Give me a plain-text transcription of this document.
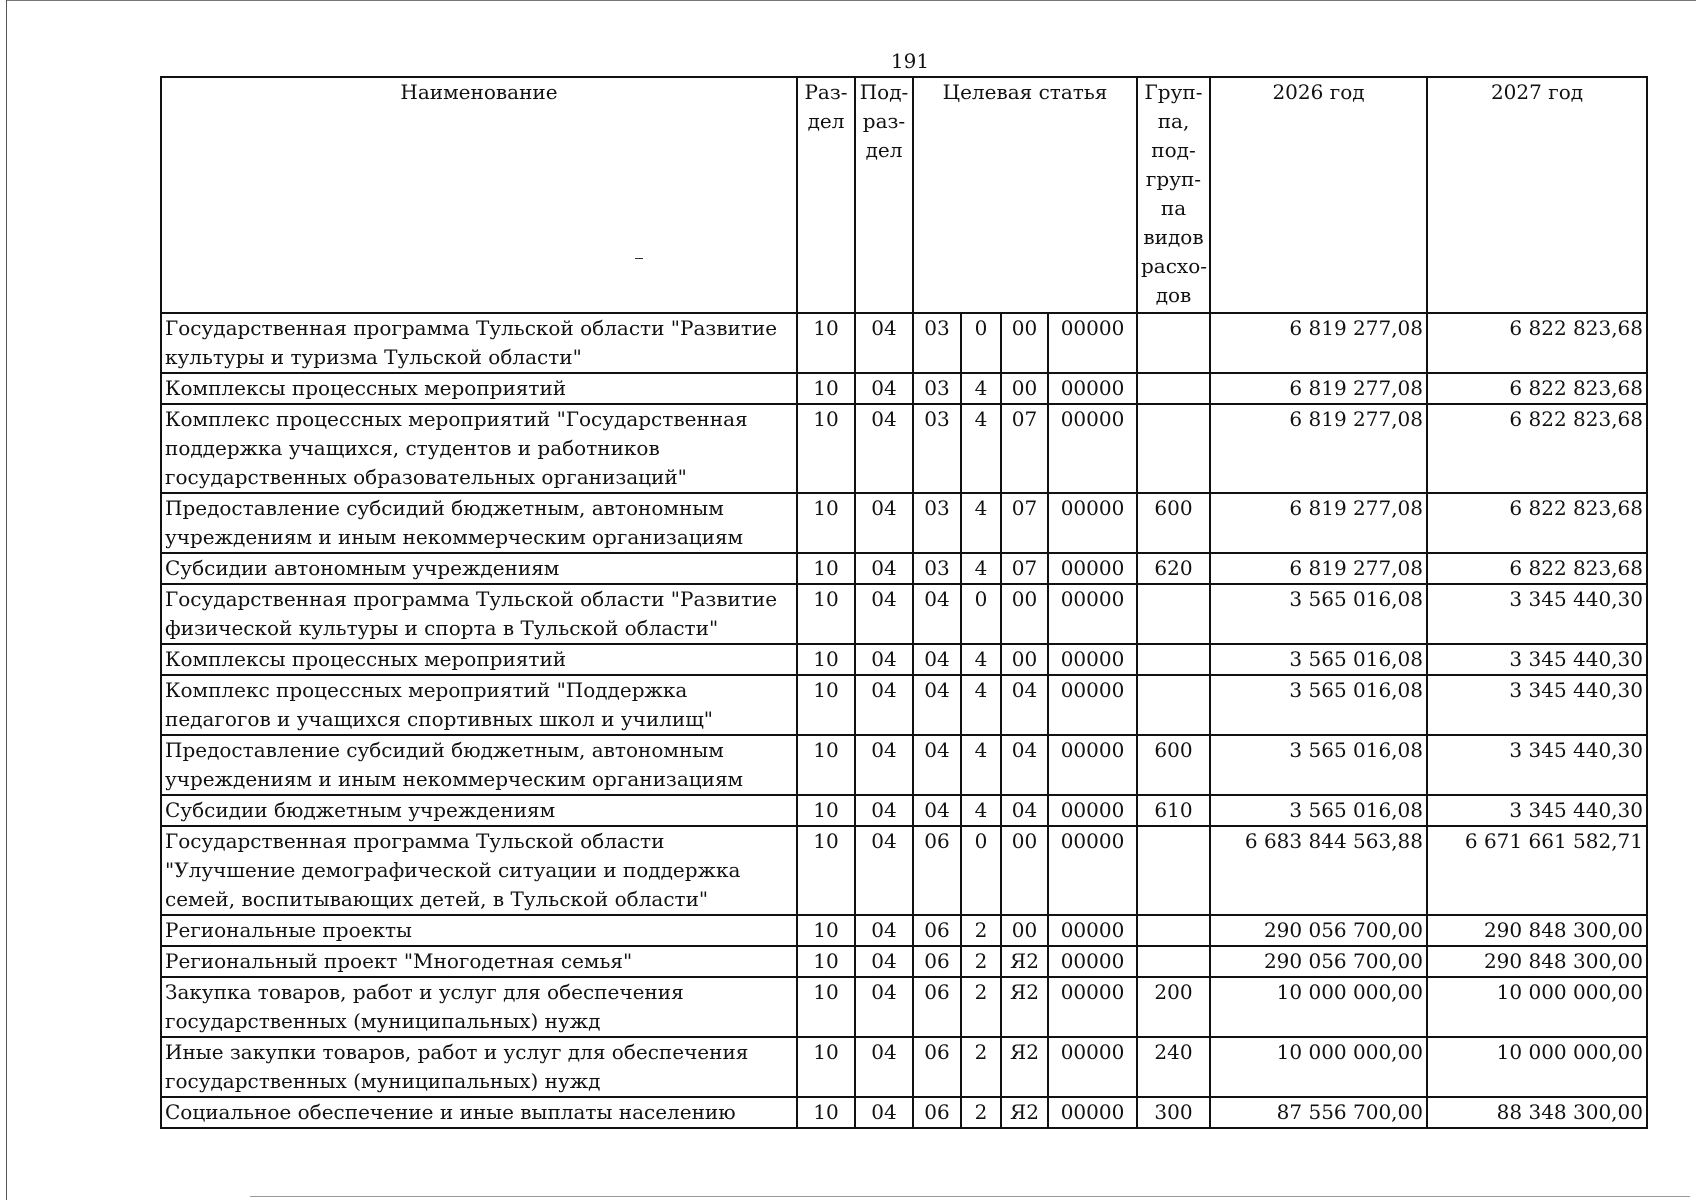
191
Наименование	Раз-дел	Под-раз-дел	Целевая статья				Груп-па, под-груп-па видов расхо-дов	2026 год	2027 год
Государственная программа Тульской области "Развитие культуры и туризма Тульской области"	10	04	03	0	00	00000		6 819 277,08	6 822 823,68
Комплексы процессных мероприятий	10	04	03	4	00	00000		6 819 277,08	6 822 823,68
Комплекс процессных мероприятий "Государственная поддержка учащихся, студентов и работников государственных образовательных организаций"	10	04	03	4	07	00000		6 819 277,08	6 822 823,68
Предоставление субсидий бюджетным, автономным учреждениям и иным некоммерческим организациям	10	04	03	4	07	00000	600	6 819 277,08	6 822 823,68
Субсидии автономным учреждениям	10	04	03	4	07	00000	620	6 819 277,08	6 822 823,68
Государственная программа Тульской области "Развитие физической культуры и спорта в Тульской области"	10	04	04	0	00	00000		3 565 016,08	3 345 440,30
Комплексы процессных мероприятий	10	04	04	4	00	00000		3 565 016,08	3 345 440,30
Комплекс процессных мероприятий "Поддержка педагогов и учащихся спортивных школ и училищ"	10	04	04	4	04	00000		3 565 016,08	3 345 440,30
Предоставление субсидий бюджетным, автономным учреждениям и иным некоммерческим организациям	10	04	04	4	04	00000	600	3 565 016,08	3 345 440,30
Субсидии бюджетным учреждениям	10	04	04	4	04	00000	610	3 565 016,08	3 345 440,30
Государственная программа Тульской области "Улучшение демографической ситуации и поддержка семей, воспитывающих детей, в Тульской области"	10	04	06	0	00	00000		6 683 844 563,88	6 671 661 582,71
Региональные проекты	10	04	06	2	00	00000		290 056 700,00	290 848 300,00
Региональный проект "Многодетная семья"	10	04	06	2	Я2	00000		290 056 700,00	290 848 300,00
Закупка товаров, работ и услуг для обеспечения государственных (муниципальных) нужд	10	04	06	2	Я2	00000	200	10 000 000,00	10 000 000,00
Иные закупки товаров, работ и услуг для обеспечения государственных (муниципальных) нужд	10	04	06	2	Я2	00000	240	10 000 000,00	10 000 000,00
Социальное обеспечение и иные выплаты населению	10	04	06	2	Я2	00000	300	87 556 700,00	88 348 300,00
